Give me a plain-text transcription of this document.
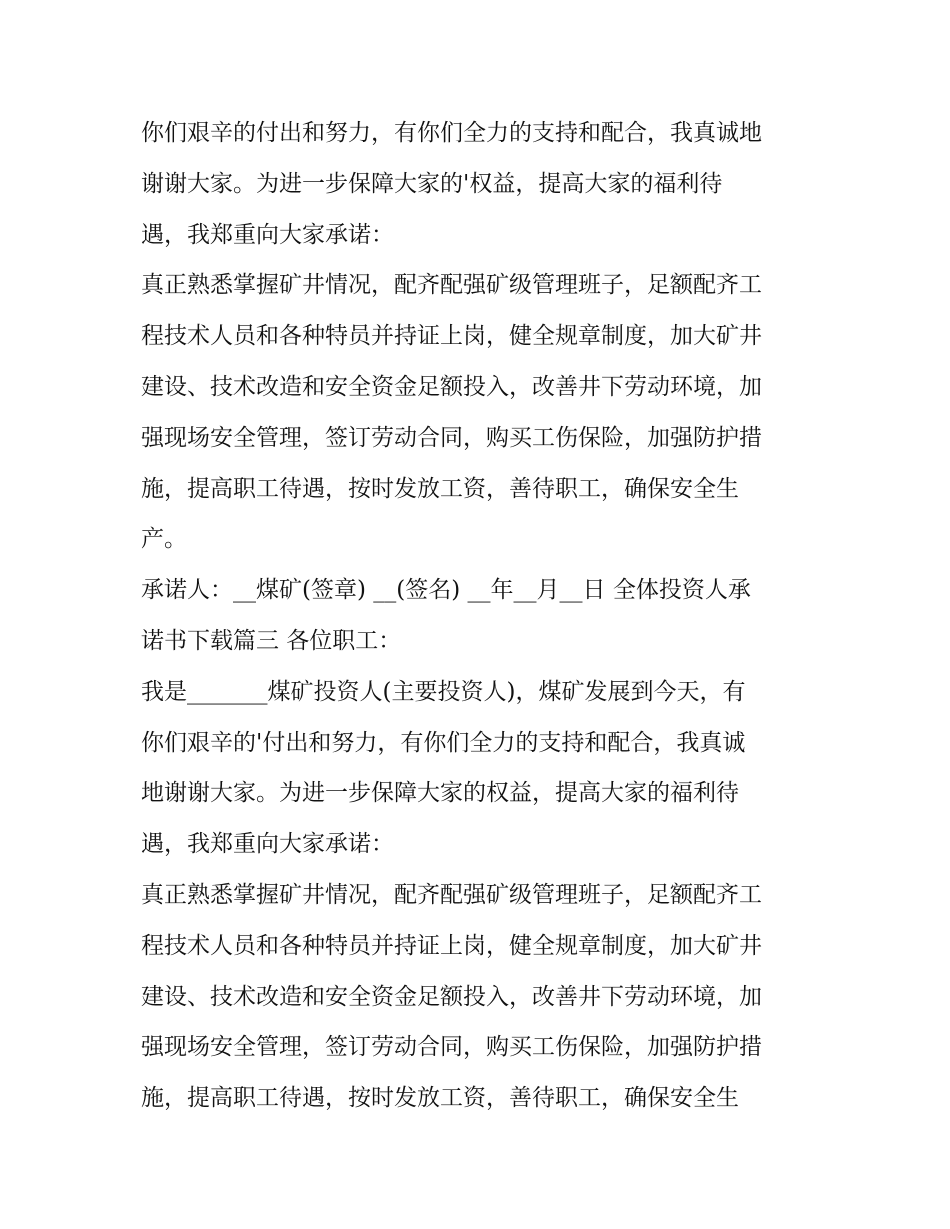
你们艰辛的付出和努力，有你们全力的支持和配合，我真诚地
谢谢大家。为进一步保障大家的'权益，提高大家的福利待
遇，我郑重向大家承诺：
真正熟悉掌握矿井情况，配齐配强矿级管理班子，足额配齐工
程技术人员和各种特员并持证上岗，健全规章制度，加大矿井
建设、技术改造和安全资金足额投入，改善井下劳动环境，加
强现场安全管理，签订劳动合同，购买工伤保险，加强防护措
施，提高职工待遇，按时发放工资，善待职工，确保安全生
产。
承诺人：__煤矿(签章) __(签名) __年__月__日 全体投资人承
诺书下载篇三 各位职工：
我是_______煤矿投资人(主要投资人)，煤矿发展到今天，有
你们艰辛的'付出和努力，有你们全力的支持和配合，我真诚
地谢谢大家。为进一步保障大家的权益，提高大家的福利待
遇，我郑重向大家承诺：
真正熟悉掌握矿井情况，配齐配强矿级管理班子，足额配齐工
程技术人员和各种特员并持证上岗，健全规章制度，加大矿井
建设、技术改造和安全资金足额投入，改善井下劳动环境，加
强现场安全管理，签订劳动合同，购买工伤保险，加强防护措
施，提高职工待遇，按时发放工资，善待职工，确保安全生
